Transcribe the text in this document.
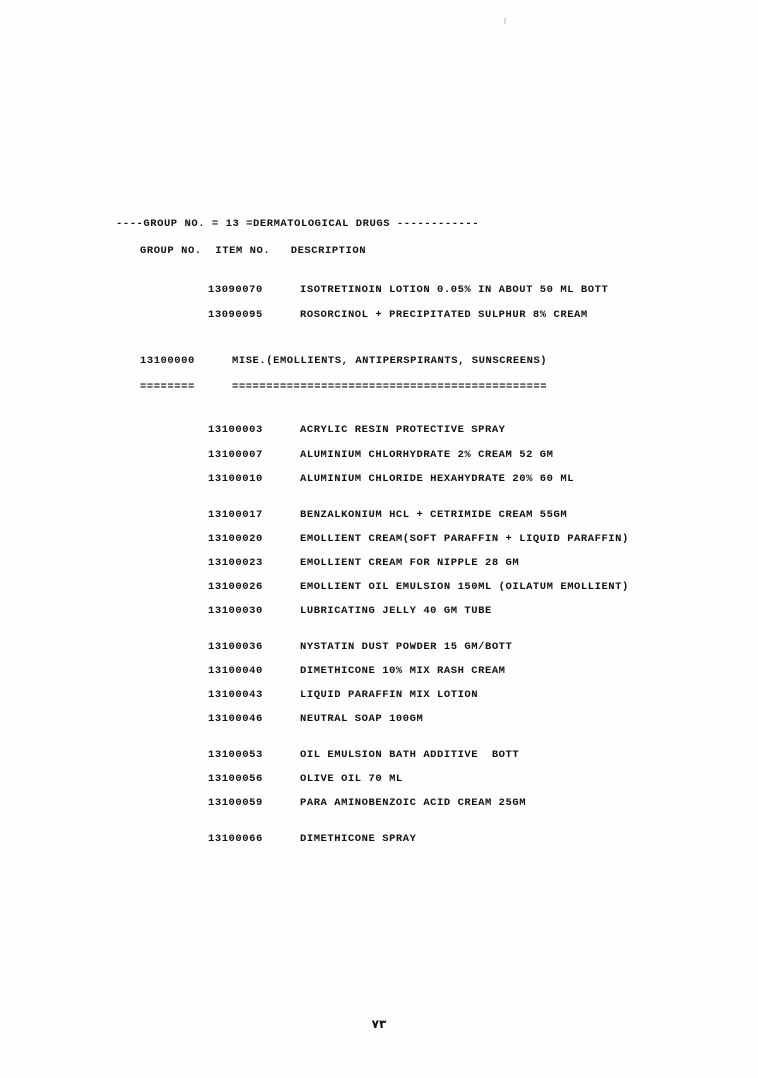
----GROUP NO. = 13 =DERMATOLOGICAL DRUGS ------------
GROUP NO.  ITEM NO.   DESCRIPTION
13090070	ISOTRETINOIN LOTION 0.05% IN ABOUT 50 ML BOTT
13090095	ROSORCINOL + PRECIPITATED SULPHUR 8% CREAM
13100000	MISE.(EMOLLIENTS, ANTIPERSPIRANTS, SUNSCREENS)
========	==============================================
13100003	ACRYLIC RESIN PROTECTIVE SPRAY
13100007	ALUMINIUM CHLORHYDRATE 2% CREAM 52 GM
13100010	ALUMINIUM CHLORIDE HEXAHYDRATE 20% 60 ML
13100017	BENZALKONIUM HCL + CETRIMIDE CREAM 55GM
13100020	EMOLLIENT CREAM(SOFT PARAFFIN + LIQUID PARAFFIN)
13100023	EMOLLIENT CREAM FOR NIPPLE 28 GM
13100026	EMOLLIENT OIL EMULSION 150ML (OILATUM EMOLLIENT)
13100030	LUBRICATING JELLY 40 GM TUBE
13100036	NYSTATIN DUST POWDER 15 GM/BOTT
13100040	DIMETHICONE 10% MIX RASH CREAM
13100043	LIQUID PARAFFIN MIX LOTION
13100046	NEUTRAL SOAP 100GM
13100053	OIL EMULSION BATH ADDITIVE  BOTT
13100056	OLIVE OIL 70 ML
13100059	PARA AMINOBENZOIC ACID CREAM 25GM
13100066	DIMETHICONE SPRAY
٧٣
